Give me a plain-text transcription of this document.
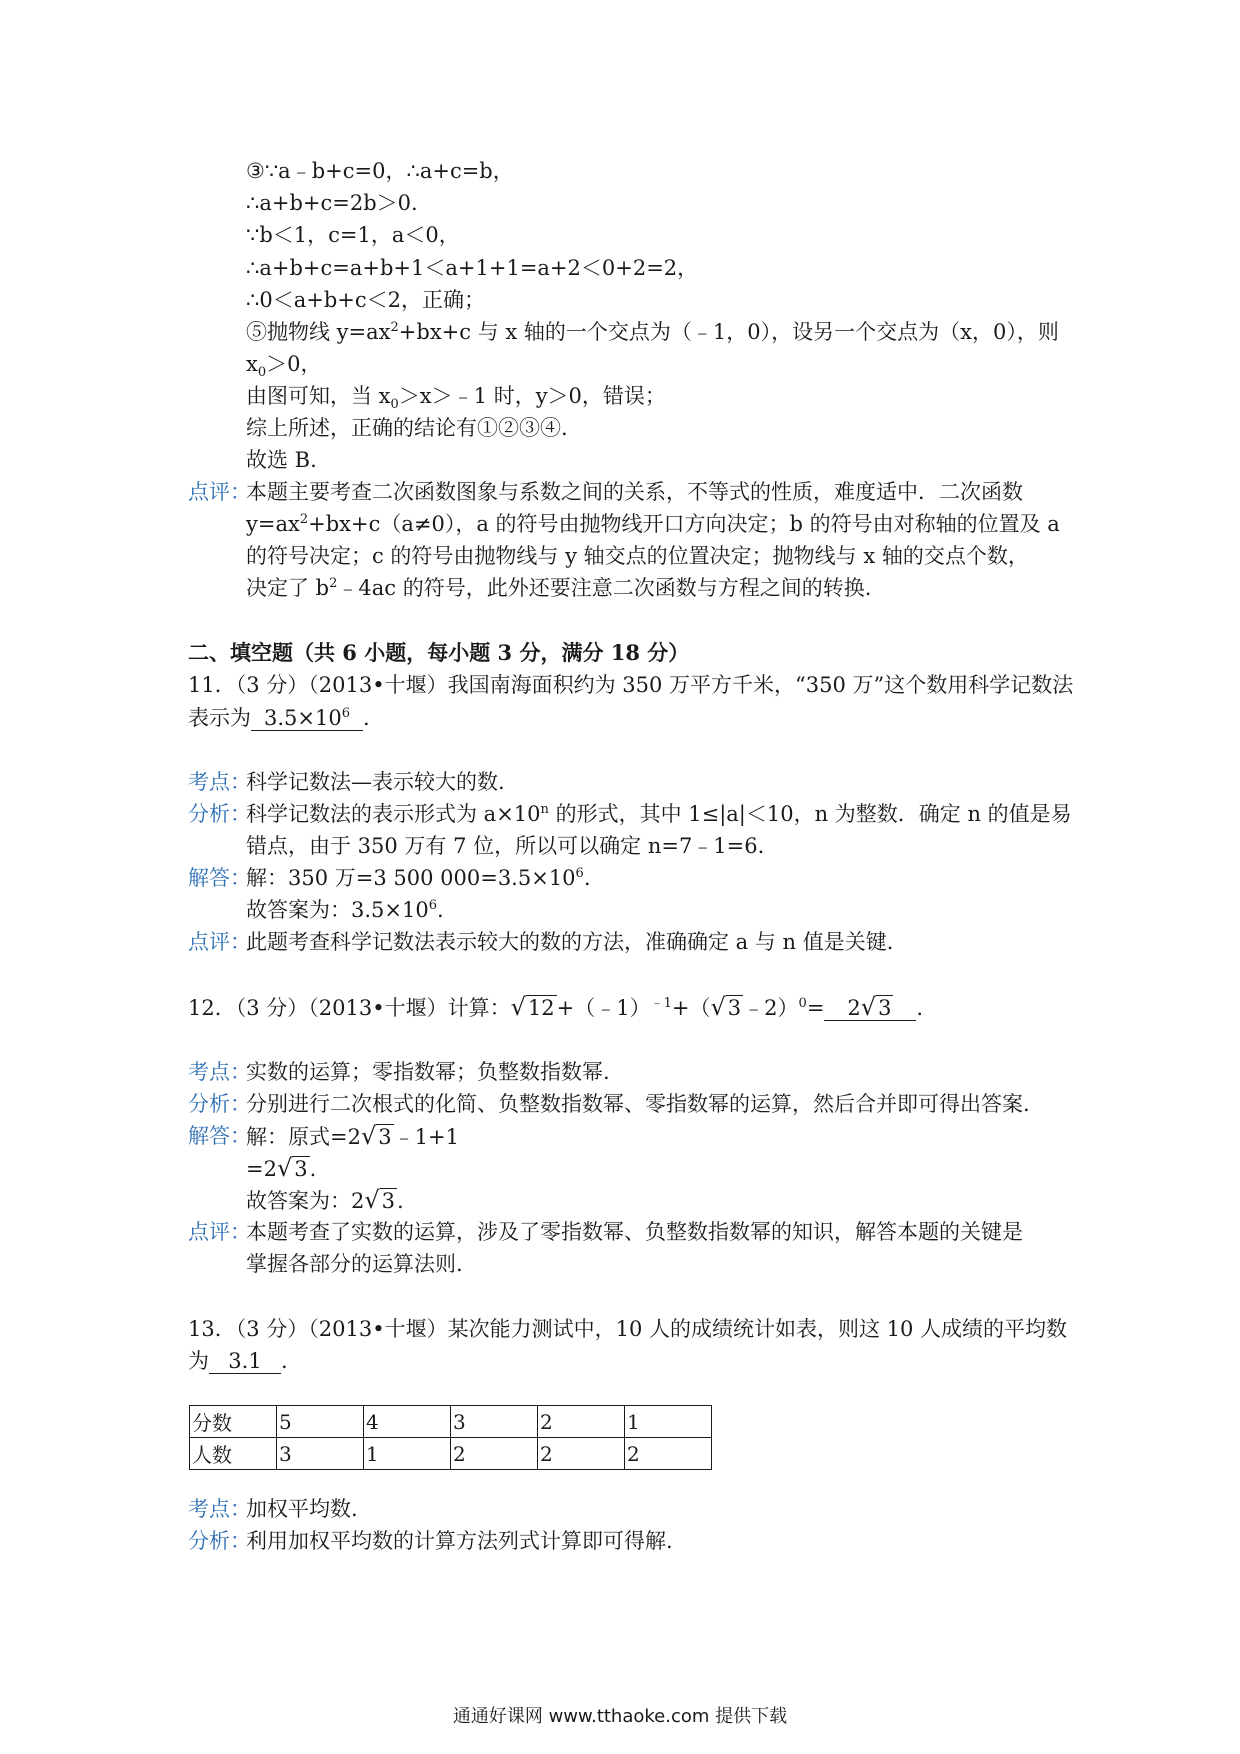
③∵a﹣b+c=0，∴a+c=b，
∴a+b+c=2b＞0.
∵b＜1，c=1，a＜0，
∴a+b+c=a+b+1＜a+1+1=a+2＜0+2=2，
∴0＜a+b+c＜2，正确；
⑤抛物线 $y=ax^2+bx+c$ 与 x 轴的一个交点为（﹣1，0），设另一个交点为（x，0），则
$x_0>0$，
由图可知，当 $x_0>x>﹣1$ 时，y＞0，错误；
综上所述，正确的结论有①②③④.
故选 B.
点评：
本题主要考查二次函数图象与系数之间的关系，不等式的性质，难度适中．二次函数
$y=ax^2+bx+c(a\ne 0)$，a 的符号由抛物线开口方向决定；b 的符号由对称轴的位置及 a
的符号决定；c 的符号由抛物线与 y 轴交点的位置决定；抛物线与 x 轴的交点个数，
决定了 $b^2﹣4ac$ 的符号，此外还要注意二次函数与方程之间的转换.
二、填空题（共 6 小题，每小题 3 分，满分 18 分）
11．（3 分）（2013•十堰）我国南海面积约为 350 万平方千米，“350 万”这个数用科学记数法
表示为 $3.5\times 10^6$ .
考点：
科学记数法—表示较大的数.
分析：
科学记数法的表示形式为 $a\times 10^n$ 的形式，其中 1≤|a|＜10，n 为整数．确定 n 的值是易
错点，由于 350 万有 7 位，所以可以确定 n=7﹣1=6.
解答：
解：350 万=3 500 $000=3.5\times 10^6$.
故答案为：$3.5\times 10^6$.
点评：
此题考查科学记数法表示较大的数的方法，准确确定 a 与 n 值是关键.
12．（3 分）（2013•十堰）计算：√12+（﹣1）$^{﹣1}$+（√3﹣2）$^0$= 2√3 .
考点：
实数的运算；零指数幂；负整数指数幂.
分析：
分别进行二次根式的化简、负整数指数幂、零指数幂的运算，然后合并即可得出答案.
解答：
解：原式=2√3﹣1+1
=2√3.
故答案为：2√3.
点评：
本题考查了实数的运算，涉及了零指数幂、负整数指数幂的知识，解答本题的关键是
掌握各部分的运算法则.
13．（3 分）（2013•十堰）某次能力测试中，10 人的成绩统计如表，则这 10 人成绩的平均数
为 3.1 .
分数	5	4	3	2	1
人数	3	1	2	2	2
考点：
加权平均数.
分析：
利用加权平均数的计算方法列式计算即可得解.
通通好课网 www.tthaoke.com 提供下载
